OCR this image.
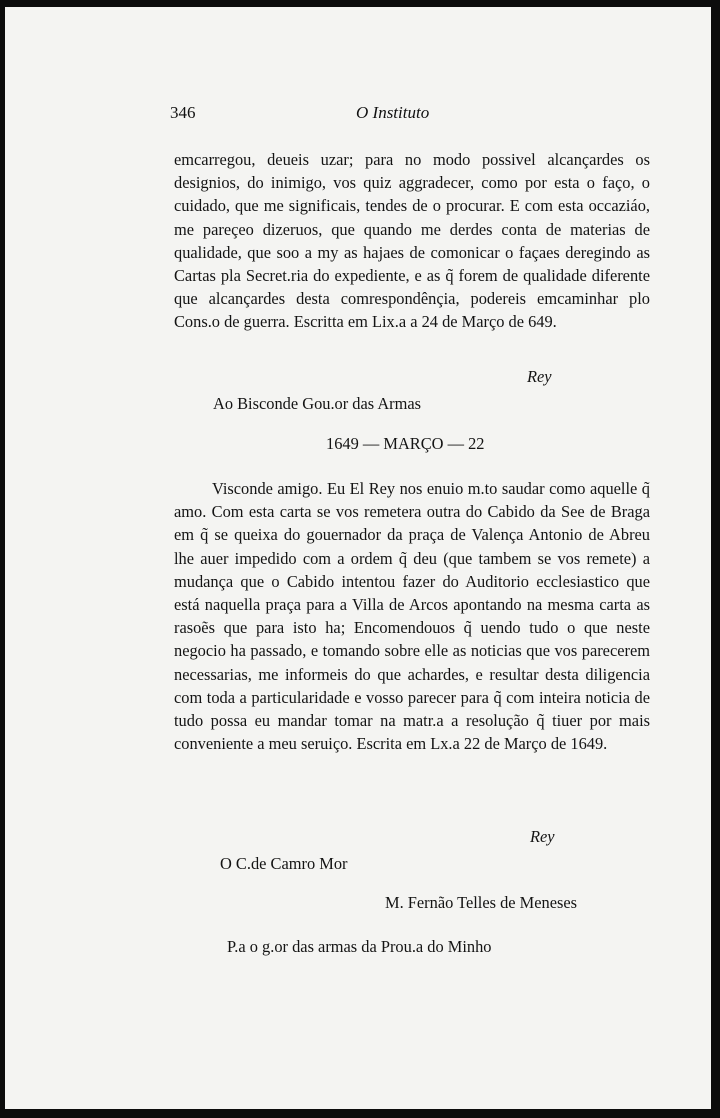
346	O Instituto
emcarregou, deueis uzar; para no modo possivel alcançardes os designios, do inimigo, vos quiz aggradecer, como por esta o faço, o cuidado, que me significais, tendes de o procurar. E com esta occaziáo, me pareçeo dizeruos, que quando me derdes conta de materias de qualidade, que soo a my as hajaes de comonicar o façaes deregindo as Cartas pla Secret.ria do expediente, e as q̃ forem de qualidade diferente que alcançardes desta comrespondênçia, podereis emcaminhar plo Cons.o de guerra. Escritta em Lix.a a 24 de Março de 649.
Rey
Ao Bisconde Gou.or das Armas
1649 — MARÇO — 22
Visconde amigo. Eu El Rey nos enuio m.to saudar como aquelle q̃ amo. Com esta carta se vos remetera outra do Cabido da See de Braga em q̃ se queixa do gouernador da praça de Valença Antonio de Abreu lhe auer impedido com a ordem q̃ deu (que tambem se vos remete) a mudança que o Cabido intentou fazer do Auditorio ecclesiastico que está naquella praça para a Villa de Arcos apontando na mesma carta as rasoẽs que para isto ha; Encomendouos q̃ uendo tudo o que neste negocio ha passado, e tomando sobre elle as noticias que vos parecerem necessarias, me informeis do que achardes, e resultar desta diligencia com toda a particularidade e vosso parecer para q̃ com inteira noticia de tudo possa eu mandar tomar na matr.a a resolução q̃ tiuer por mais conveniente a meu seruiço. Escrita em Lx.a 22 de Março de 1649.
Rey
O C.de Camro Mor
M. Fernão Telles de Meneses
P.a o g.or das armas da Prou.a do Minho
